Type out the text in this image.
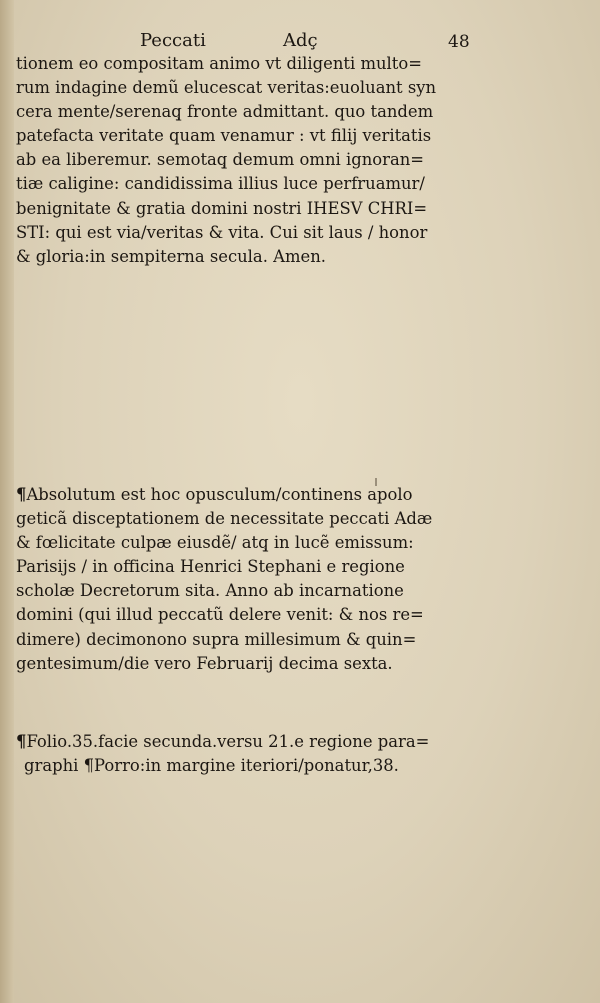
Peccati	Adç	48
tionem eo compositam animo vt diligenti multo=
rum indagine demũ elucescat veritas:euoluant syn
cera mente/serenaq̧ fronte admittant. quo tandem
patefacta veritate quam venamur : vt filij veritatis
ab ea liberemur. semotaq̧ demum omni ignoran=
tiæ caligine: candidissima illius luce perfruamur/
benignitate & gratia domini nostri IHESV CHRI=
STI: qui est via/veritas & vita. Cui sit laus / honor
& gloria:in sempiterna secula. Amen.
¶Absolutum est hoc opusculum/continens apolo
geticã disceptationem de necessitate peccati Adæ
& fœlicitate culpæ eiusdẽ/ atq̧ in lucẽ emissum:
Parisijs / in officina Henrici Stephani e regione
scholæ Decretorum sita. Anno ab incarnatione
domini (qui illud peccatũ delere venit: & nos re=
dimere) decimonono supra millesimum & quin=
gentesimum/die vero Februarij decima sexta.
¶Folio.35.facie secunda.versu 21.e regione para=
graphi ¶Porro:in margine iteriori/ponatur,38.
